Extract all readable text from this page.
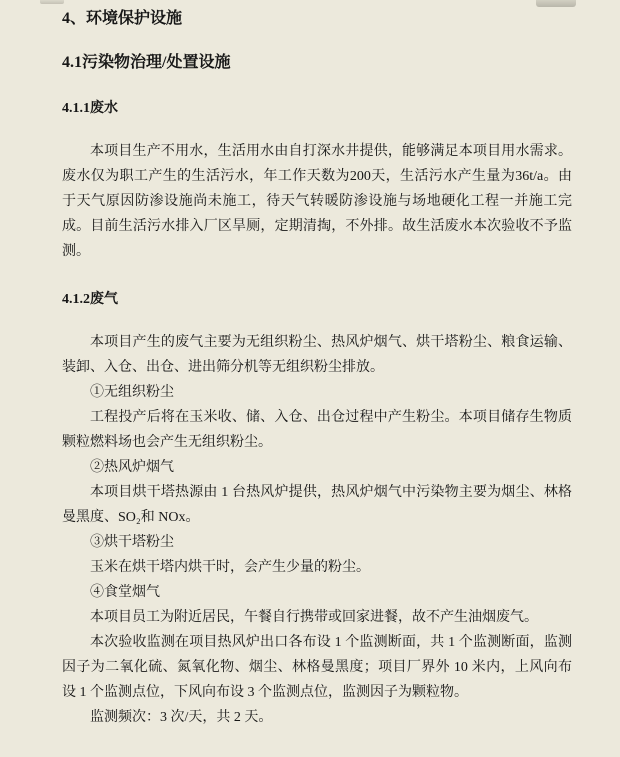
4、环境保护设施
4.1污染物治理/处置设施
4.1.1废水

本项目生产不用水，生活用水由自打深水井提供，能够满足本项目用水需求。废水仅为职工产生的生活污水，年工作天数为200天，生活污水产生量为36t/a。由于天气原因防渗设施尚未施工，待天气转暖防渗设施与场地硬化工程一并施工完成。目前生活污水排入厂区旱厕，定期清掏，不外排。故生活废水本次验收不予监测。

4.1.2废气

本项目产生的废气主要为无组织粉尘、热风炉烟气、烘干塔粉尘、粮食运输、装卸、入仓、出仓、进出筛分机等无组织粉尘排放。

①无组织粉尘

工程投产后将在玉米收、储、入仓、出仓过程中产生粉尘。本项目储存生物质颗粒燃料场也会产生无组织粉尘。

②热风炉烟气

本项目烘干塔热源由 1 台热风炉提供，热风炉烟气中污染物主要为烟尘、林格曼黑度、SO₂和 NOx。

③烘干塔粉尘

玉米在烘干塔内烘干时，会产生少量的粉尘。

④食堂烟气

本项目员工为附近居民，午餐自行携带或回家进餐，故不产生油烟废气。

本次验收监测在项目热风炉出口各布设 1 个监测断面，共 1 个监测断面，监测因子为二氧化硫、氮氧化物、烟尘、林格曼黑度；项目厂界外 10 米内，上风向布设 1 个监测点位，下风向布设 3 个监测点位，监测因子为颗粒物。

监测频次：3 次/天，共 2 天。
